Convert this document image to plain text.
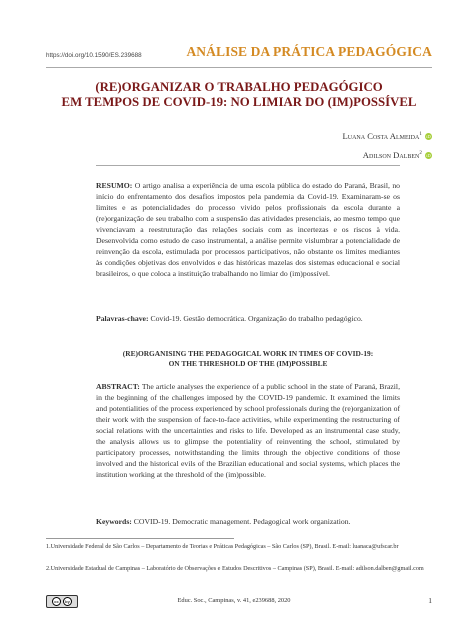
https://doi.org/10.1590/ES.239688	ANÁLISE DA PRÁTICA PEDAGÓGICA
(RE)ORGANIZAR O TRABALHO PEDAGÓGICO
EM TEMPOS DE COVID-19: NO LIMIAR DO (IM)POSSÍVEL
Luana Costa Almeida$^1$ iD
Adilson Dalben$^2$ iD
RESUMO: O artigo analisa a experiência de uma escola pública do estado do Paraná, Brasil, no início do enfrentamento dos desafios impostos pela pandemia da Covid-19. Examinaram-se os limites e as potencialidades do processo vivido pelos profissionais da escola durante a (re)organização de seu trabalho com a suspensão das atividades presenciais, ao mesmo tempo que vivenciavam a reestruturação das relações sociais com as incertezas e os riscos à vida. Desenvolvida como estudo de caso instrumental, a análise permite vislumbrar a potencialidade de reinvenção da escola, estimulada por processos participativos, não obstante os limites mediantes às condições objetivas dos envolvidos e das históricas mazelas dos sistemas educacional e social brasileiros, o que coloca a instituição trabalhando no limiar do (im)possível.
Palavras-chave: Covid-19. Gestão democrática. Organização do trabalho pedagógico.
(RE)ORGANISING THE PEDAGOGICAL WORK IN TIMES OF COVID-19:
ON THE THRESHOLD OF THE (IM)POSSIBLE
ABSTRACT: The article analyses the experience of a public school in the state of Paraná, Brazil, in the beginning of the challenges imposed by the COVID-19 pandemic. It examined the limits and potentialities of the process experienced by school professionals during the (re)organization of their work with the suspension of face-to-face activities, while experimenting the restructuring of social relations with the uncertainties and risks to life. Developed as an instrumental case study, the analysis allows us to glimpse the potentiality of reinventing the school, stimulated by participatory processes, notwithstanding the limits through the objective conditions of those involved and the historical evils of the Brazilian educational and social systems, which places the institution working at the threshold of the (im)possible.
Keywords: COVID-19. Democratic management. Pedagogical work organization.
1.Universidade Federal de São Carlos – Departamento de Teorias e Práticas Pedagógicas – São Carlos (SP), Brasil. E-mail: luanaca@ufscar.br
2.Universidade Estadual de Campinas – Laboratório de Observações e Estudos Descritivos – Campinas (SP), Brasil. E-mail: adilson.dalben@gmail.com
cc	by	Educ. Soc., Campinas, v. 41, e239688, 2020	1
